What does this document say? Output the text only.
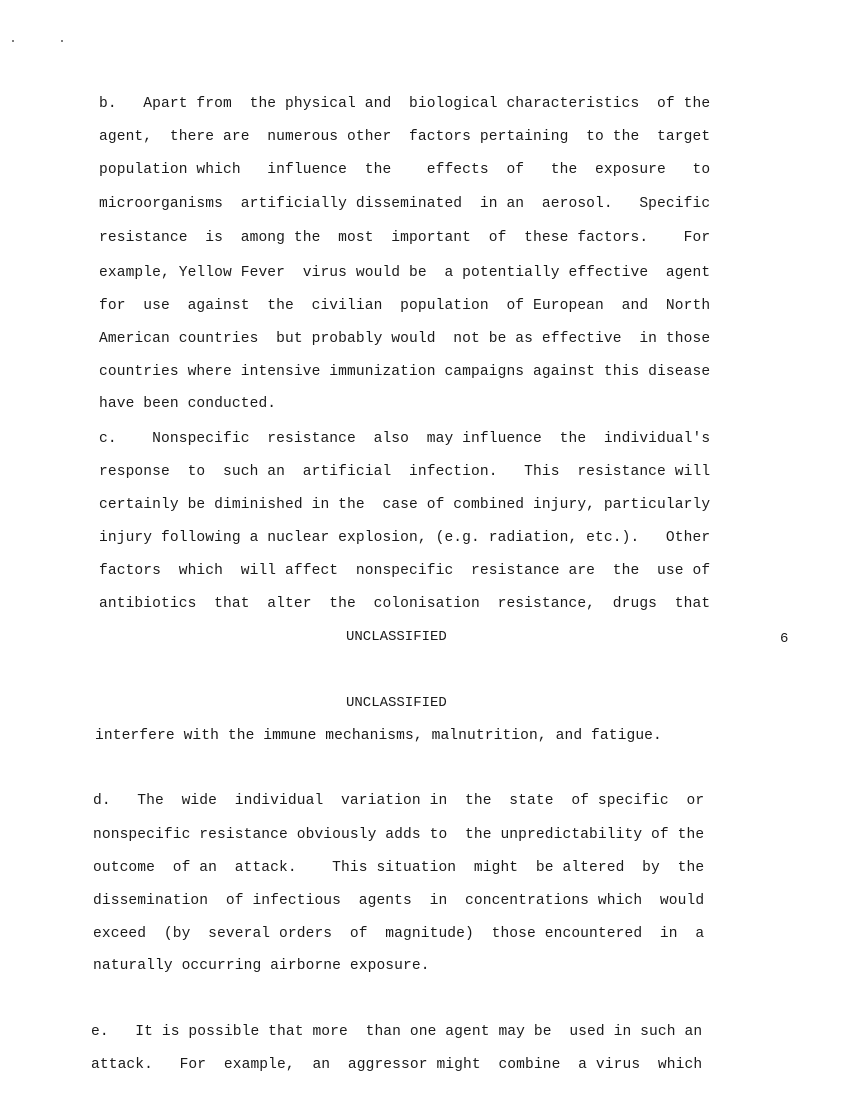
b.   Apart from  the physical and  biological characteristics  of the
agent,  there are  numerous other  factors pertaining  to the  target
population which   influence  the    effects  of   the  exposure   to
microorganisms  artificially disseminated  in an  aerosol.   Specific
resistance  is  among the  most  important  of  these factors.    For
example, Yellow Fever  virus would be  a potentially effective  agent
for  use  against  the  civilian  population  of European  and  North
American countries  but probably would  not be as effective  in those
countries where intensive immunization campaigns against this disease
have been conducted.
c.    Nonspecific  resistance  also  may influence  the  individual's
response  to  such an  artificial  infection.   This  resistance will
certainly be diminished in the  case of combined injury, particularly
injury following a nuclear explosion, (e.g. radiation, etc.).   Other
factors  which  will affect  nonspecific  resistance are  the  use of
antibiotics  that  alter  the  colonisation  resistance,  drugs  that
UNCLASSIFIED	6
UNCLASSIFIED
interfere with the immune mechanisms, malnutrition, and fatigue.
d.   The  wide  individual  variation in  the  state  of specific  or
nonspecific resistance obviously adds to  the unpredictability of the
outcome  of an  attack.    This situation  might  be altered  by  the
dissemination  of infectious  agents  in  concentrations which  would
exceed  (by  several orders  of  magnitude)  those encountered  in  a
naturally occurring airborne exposure.
e.   It is possible that more  than one agent may be  used in such an
attack.   For  example,  an  aggressor might  combine  a virus  which
